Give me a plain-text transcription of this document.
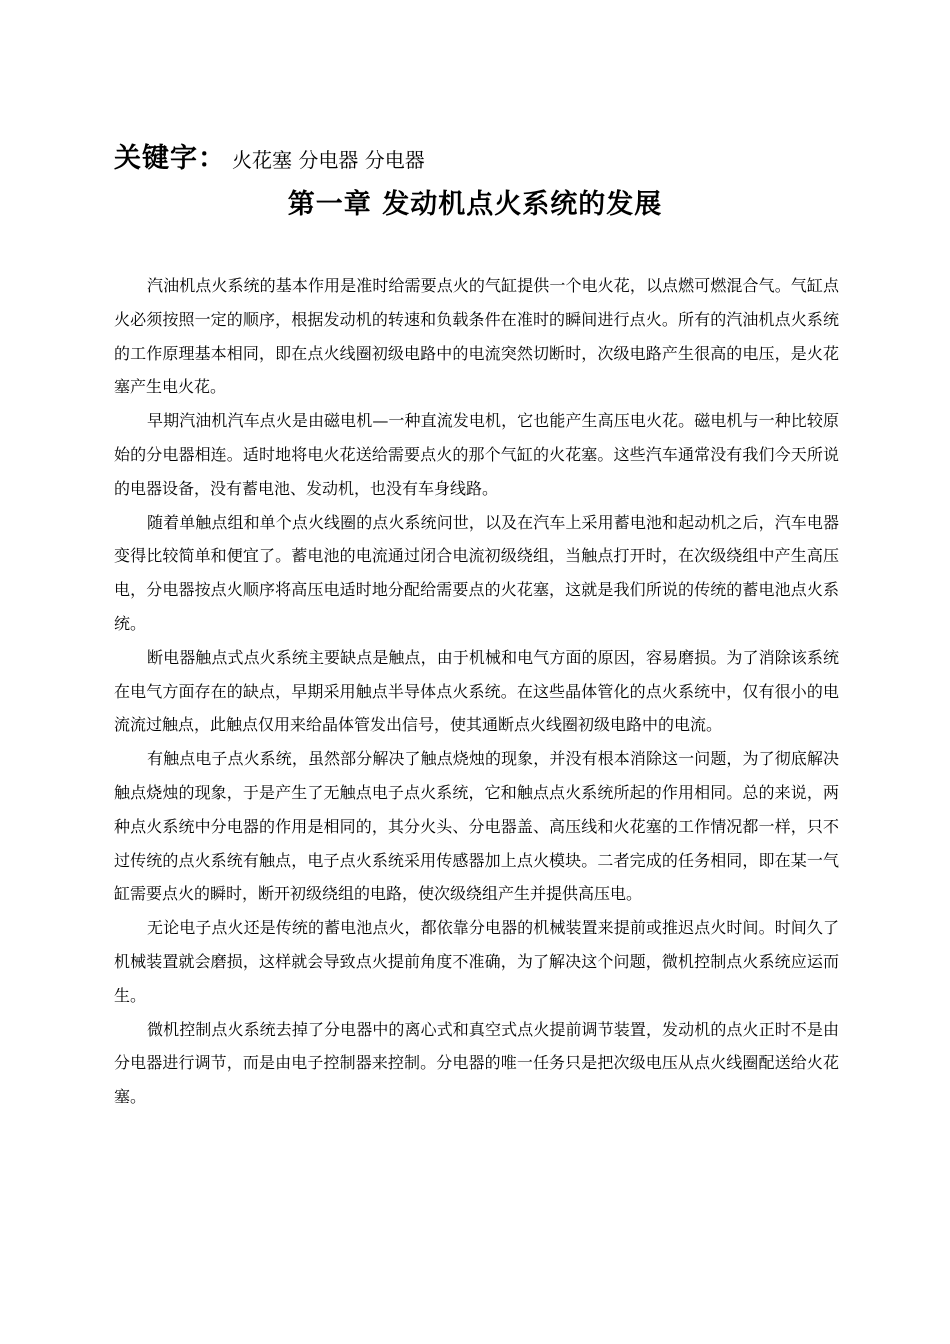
关键字： 火花塞 分电器 分电器
第一章 发动机点火系统的发展

汽油机点火系统的基本作用是准时给需要点火的气缸提供一个电火花，以点燃可燃混合气。气缸点火必须按照一定的顺序，根据发动机的转速和负载条件在准时的瞬间进行点火。所有的汽油机点火系统的工作原理基本相同，即在点火线圈初级电路中的电流突然切断时，次级电路产生很高的电压，是火花塞产生电火花。

早期汽油机汽车点火是由磁电机—一种直流发电机，它也能产生高压电火花。磁电机与一种比较原始的分电器相连。适时地将电火花送给需要点火的那个气缸的火花塞。这些汽车通常没有我们今天所说的电器设备，没有蓄电池、发动机，也没有车身线路。

随着单触点组和单个点火线圈的点火系统问世，以及在汽车上采用蓄电池和起动机之后，汽车电器变得比较简单和便宜了。蓄电池的电流通过闭合电流初级绕组，当触点打开时，在次级绕组中产生高压电，分电器按点火顺序将高压电适时地分配给需要点的火花塞，这就是我们所说的传统的蓄电池点火系统。

断电器触点式点火系统主要缺点是触点，由于机械和电气方面的原因，容易磨损。为了消除该系统在电气方面存在的缺点，早期采用触点半导体点火系统。在这些晶体管化的点火系统中，仅有很小的电流流过触点，此触点仅用来给晶体管发出信号，使其通断点火线圈初级电路中的电流。

有触点电子点火系统，虽然部分解决了触点烧烛的现象，并没有根本消除这一问题，为了彻底解决触点烧烛的现象，于是产生了无触点电子点火系统，它和触点点火系统所起的作用相同。总的来说，两种点火系统中分电器的作用是相同的，其分火头、分电器盖、高压线和火花塞的工作情况都一样，只不过传统的点火系统有触点，电子点火系统采用传感器加上点火模块。二者完成的任务相同，即在某一气缸需要点火的瞬时，断开初级绕组的电路，使次级绕组产生并提供高压电。

无论电子点火还是传统的蓄电池点火，都依靠分电器的机械装置来提前或推迟点火时间。时间久了机械装置就会磨损，这样就会导致点火提前角度不准确，为了解决这个问题，微机控制点火系统应运而生。

微机控制点火系统去掉了分电器中的离心式和真空式点火提前调节装置，发动机的点火正时不是由分电器进行调节，而是由电子控制器来控制。分电器的唯一任务只是把次级电压从点火线圈配送给火花塞。
